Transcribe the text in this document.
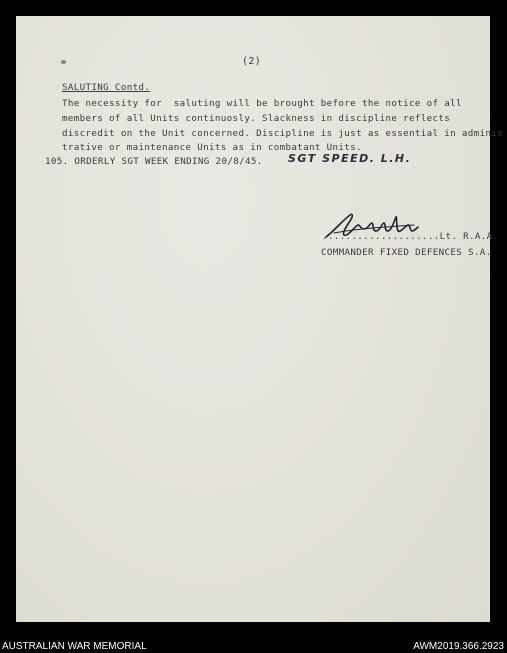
(2)
SALUTING Contd.
The necessity for  saluting will be brought before the notice of all
members of all Units continuosly. Slackness in discipline reflects
discredit on the Unit concerned. Discipline is just as essential in adminis
trative or maintenance Units as in combatant Units.
105. ORDERLY SGT WEEK ENDING 20/8/45. SGT SPEED. L.H.
....................Lt. R.A.A.
COMMANDER FIXED DEFENCES S.A.
AUSTRALIAN WAR MEMORIAL	AWM2019.366.2923
